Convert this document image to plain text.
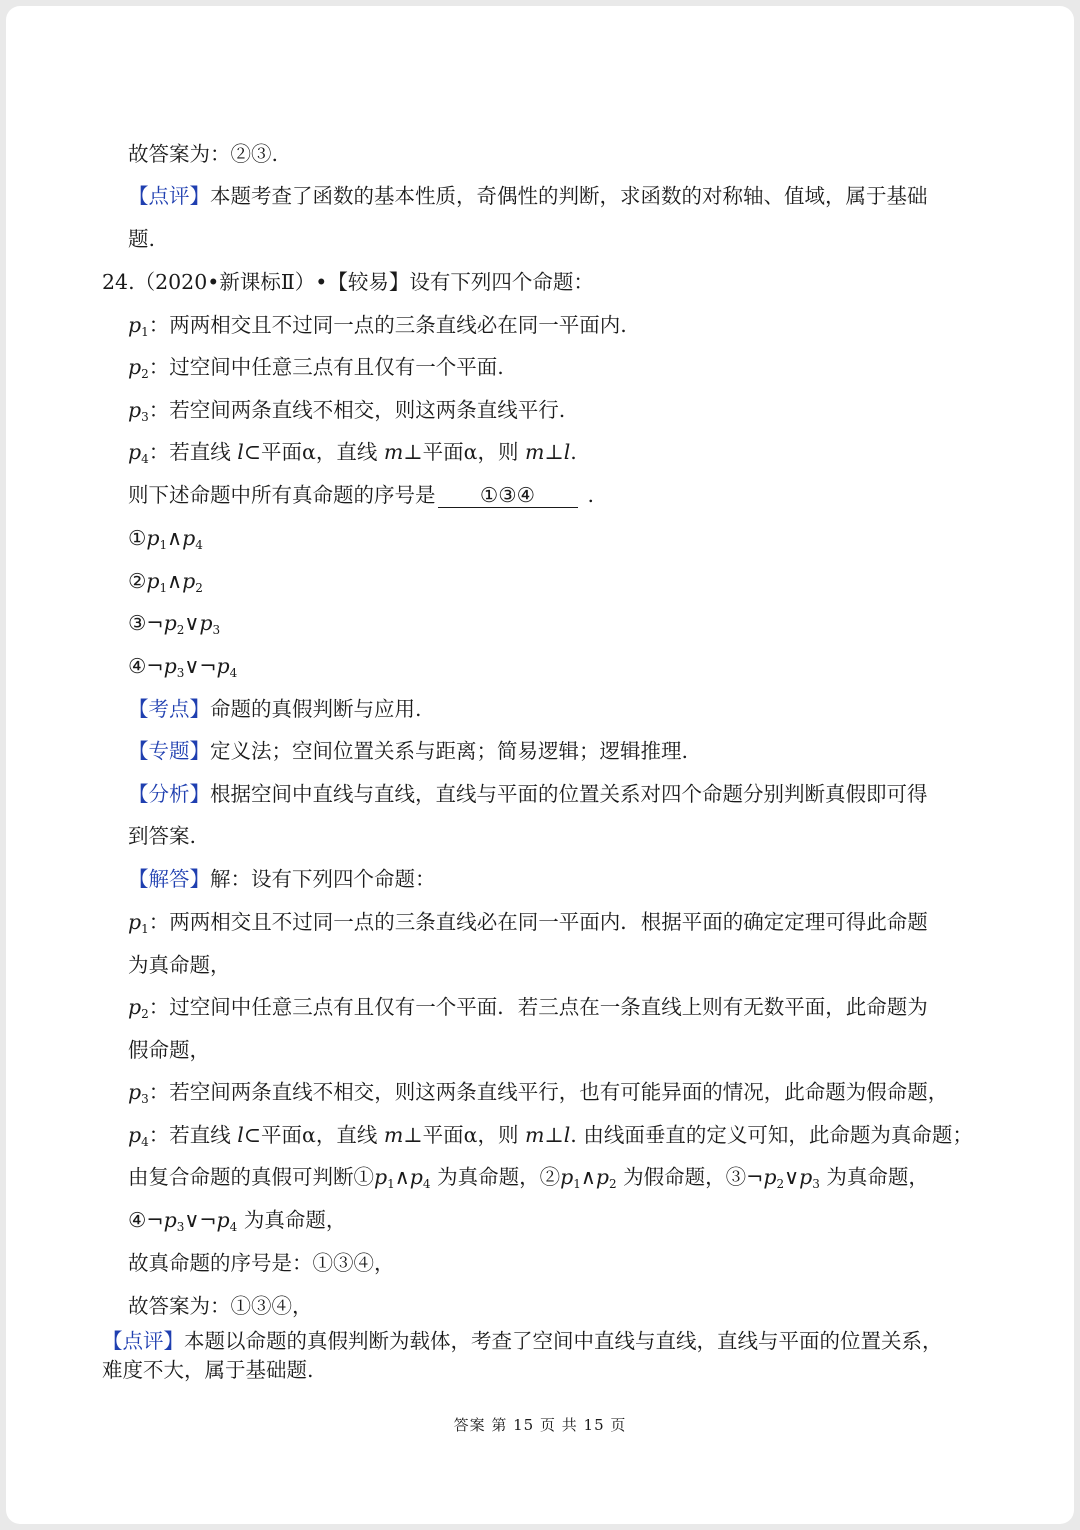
故答案为：②③.
【点评】本题考查了函数的基本性质，奇偶性的判断，求函数的对称轴、值域，属于基础
题.
24.（2020•新课标Ⅱ）•【较易】设有下列四个命题：
$p_1$：两两相交且不过同一点的三条直线必在同一平面内.
$p_2$：过空间中任意三点有且仅有一个平面.
$p_3$：若空间两条直线不相交，则这两条直线平行.
$p_4$：若直线 l⊂平面α，直线 m⊥平面α，则 m⊥l.
则下述命题中所有真命题的序号是 ①③④	.
$①p_1\wedge p_4$
$②p_1\wedge p_2$
$③\neg p_2\vee p_3$
$④\neg p_3\vee\neg p_4$
【考点】命题的真假判断与应用.
【专题】定义法；空间位置关系与距离；简易逻辑；逻辑推理.
【分析】根据空间中直线与直线，直线与平面的位置关系对四个命题分别判断真假即可得
到答案.
【解答】解：设有下列四个命题：
$p_1$：两两相交且不过同一点的三条直线必在同一平面内．根据平面的确定定理可得此命题
为真命题，
$p_2$：过空间中任意三点有且仅有一个平面．若三点在一条直线上则有无数平面，此命题为
假命题，
$p_3$：若空间两条直线不相交，则这两条直线平行，也有可能异面的情况，此命题为假命题，
$p_4$：若直线 l⊂平面α，直线 m⊥平面α，则 m⊥l. 由线面垂直的定义可知，此命题为真命题；
由复合命题的真假可判断$①p_1\wedge p_4$ 为真命题，$②p_1\wedge p_2$ 为假命题，$③\neg p_2\vee p_3$ 为真命题，
$④\neg p_3\vee\neg p_4$ 为真命题，
故真命题的序号是：①③④，
故答案为：①③④，
【点评】本题以命题的真假判断为载体，考查了空间中直线与直线，直线与平面的位置关系，
难度不大，属于基础题.
答案 第 15 页 共 15 页
